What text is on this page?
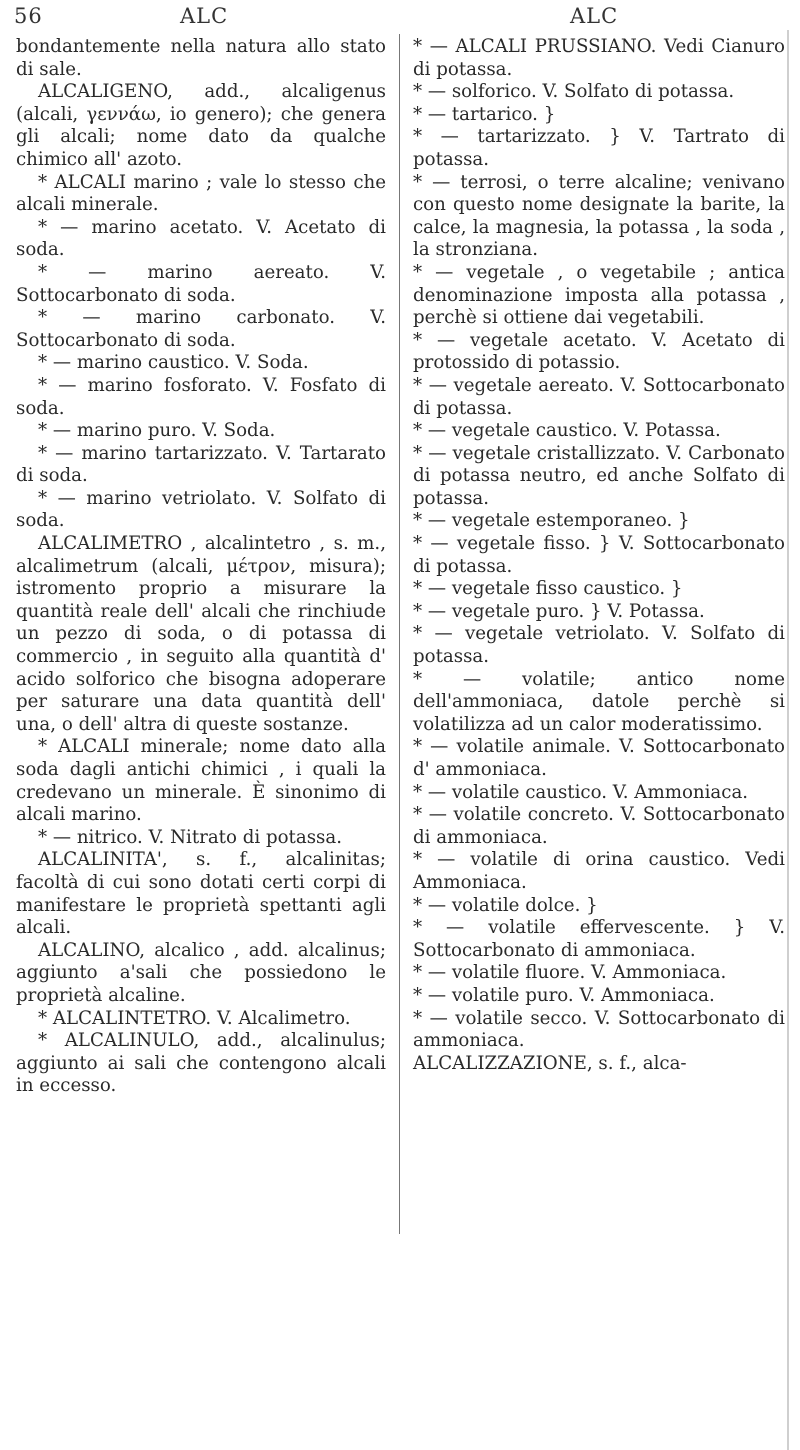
56	ALC	ALC

bondantemente nella natura allo stato di sale.

ALCALIGENO, add., alcaligenus (alcali, γεννάω, io genero); che genera gli alcali; nome dato da qualche chimico all' azoto.

* ALCALI marino ; vale lo stesso che alcali minerale.

* — marino acetato. V. Acetato di soda.

* — marino aereato. V. Sottocarbonato di soda.

* — marino carbonato. V. Sottocarbonato di soda.

* — marino caustico. V. Soda.

* — marino fosforato. V. Fosfato di soda.

* — marino puro. V. Soda.

* — marino tartarizzato. V. Tartarato di soda.

* — marino vetriolato. V. Solfato di soda.

ALCALIMETRO , alcalintetro , s. m., alcalimetrum (alcali, μέτρον, misura); istromento proprio a misurare la quantità reale dell' alcali che rinchiude un pezzo di soda, o di potassa di commercio , in seguito alla quantità d' acido solforico che bisogna adoperare per saturare una data quantità dell' una, o dell' altra di queste sostanze.

* ALCALI minerale; nome dato alla soda dagli antichi chimici , i quali la credevano un minerale. È sinonimo di alcali marino.

* — nitrico. V. Nitrato di potassa.

ALCALINITA', s. f., alcalinitas; facoltà di cui sono dotati certi corpi di manifestare le proprietà spettanti agli alcali.

ALCALINO, alcalico , add. alcalinus; aggiunto a'sali che possiedono le proprietà alcaline.

* ALCALINTETRO. V. Alcalimetro.

* ALCALINULO, add., alcalinulus; aggiunto ai sali che contengono alcali in eccesso.

* — ALCALI PRUSSIANO. Vedi Cianuro di potassa.

* — solforico. V. Solfato di potassa.

* — tartarico. }

* — tartarizzato. } V. Tartrato di potassa.

* — terrosi, o terre alcaline; venivano con questo nome designate la barite, la calce, la magnesia, la potassa , la soda , la stronziana.

* — vegetale , o vegetabile ; antica denominazione imposta alla potassa , perchè si ottiene dai vegetabili.

* — vegetale acetato. V. Acetato di protossido di potassio.

* — vegetale aereato. V. Sottocarbonato di potassa.

* — vegetale caustico. V. Potassa.

* — vegetale cristallizzato. V. Carbonato di potassa neutro, ed anche Solfato di potassa.

* — vegetale estemporaneo. }

* — vegetale fisso. } V. Sottocarbonato di potassa.

* — vegetale fisso caustico. }

* — vegetale puro. } V. Potassa.

* — vegetale vetriolato. V. Solfato di potassa.

* — volatile; antico nome dell'ammoniaca, datole perchè si volatilizza ad un calor moderatissimo.

* — volatile animale. V. Sottocarbonato d' ammoniaca.

* — volatile caustico. V. Ammoniaca.

* — volatile concreto. V. Sottocarbonato di ammoniaca.

* — volatile di orina caustico. Vedi Ammoniaca.

* — volatile dolce. }

* — volatile effervescente. } V. Sottocarbonato di ammoniaca.

* — volatile fluore. V. Ammoniaca.

* — volatile puro. V. Ammoniaca.

* — volatile secco. V. Sottocarbonato di ammoniaca.

ALCALIZZAZIONE, s. f., alca-
